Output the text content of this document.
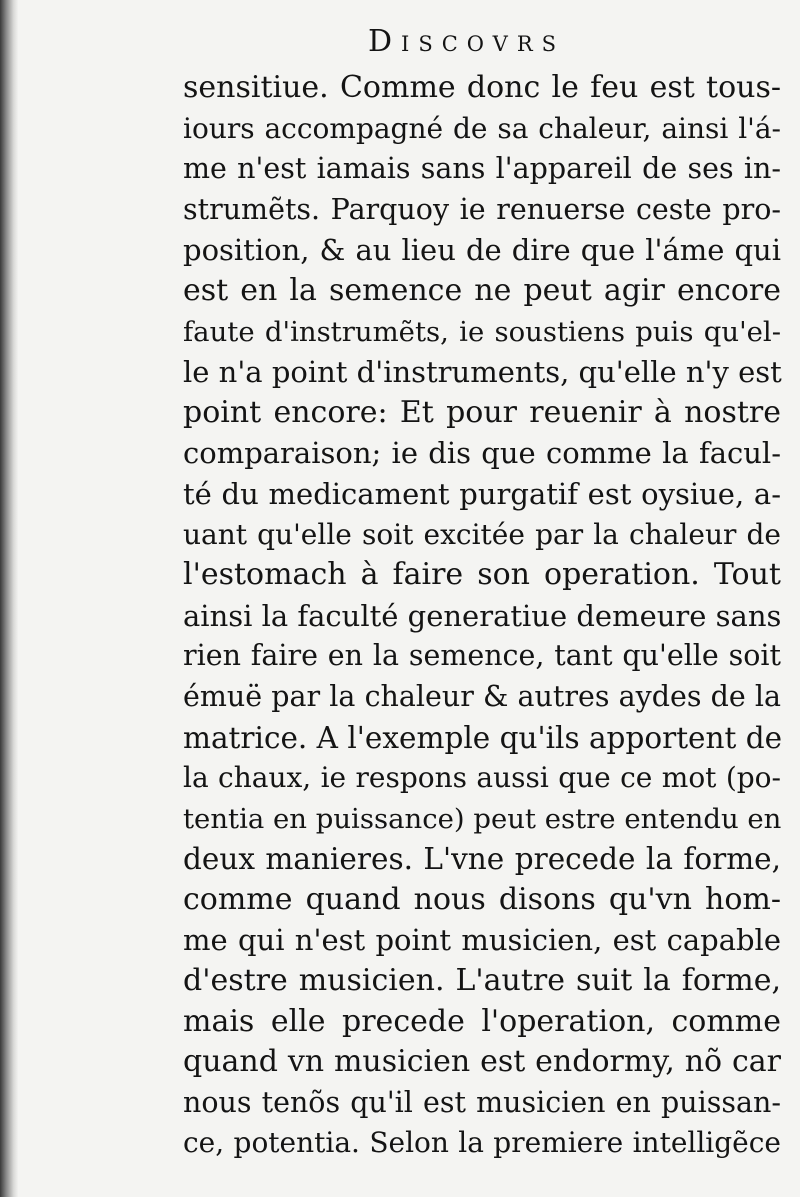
Discovrs
sensitiue. Comme donc le feu est tous-
iours accompagné de sa chaleur, ainsi l'á-
me n'est iamais sans l'appareil de ses in-
strumẽts. Parquoy ie renuerse ceste pro-
position, & au lieu de dire que l'áme qui
est en la semence ne peut agir encore
faute d'instrumẽts, ie soustiens puis qu'el-
le n'a point d'instruments, qu'elle n'y est
point encore: Et pour reuenir à nostre
comparaison; ie dis que comme la facul-
té du medicament purgatif est oysiue, a-
uant qu'elle soit excitée par la chaleur de
l'estomach à faire son operation. Tout
ainsi la faculté generatiue demeure sans
rien faire en la semence, tant qu'elle soit
émuë par la chaleur & autres aydes de la
matrice. A l'exemple qu'ils apportent de
la chaux, ie respons aussi que ce mot (po-
tentia en puissance) peut estre entendu en
deux manieres. L'vne precede la forme,
comme quand nous disons qu'vn hom-
me qui n'est point musicien, est capable
d'estre musicien. L'autre suit la forme,
mais elle precede l'operation, comme
quand vn musicien est endormy, nõ car
nous tenõs qu'il est musicien en puissan-
ce, potentia. Selon la premiere intelligẽce
